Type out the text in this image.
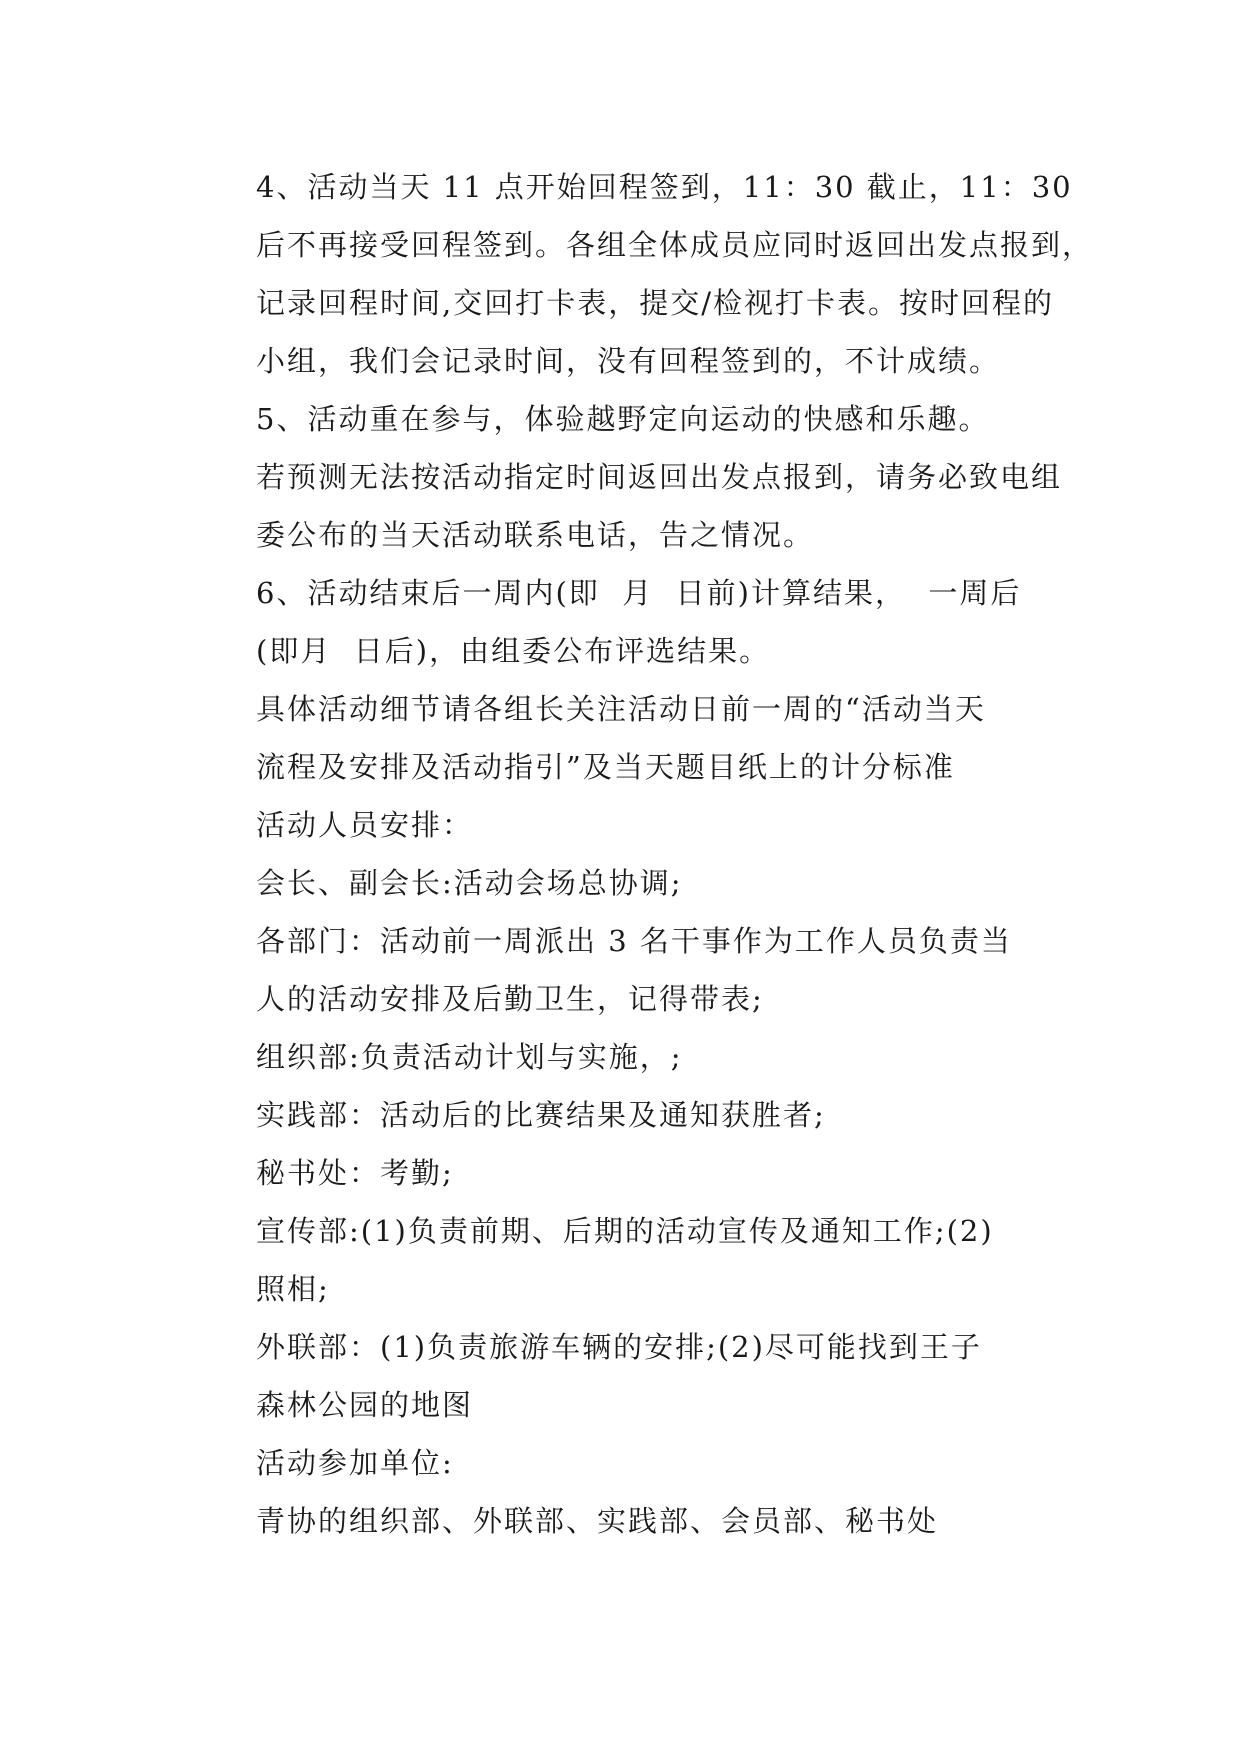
4、活动当天 11 点开始回程签到，11：30 截止，11：30
后不再接受回程签到。各组全体成员应同时返回出发点报到，
记录回程时间,交回打卡表，提交/检视打卡表。按时回程的
小组，我们会记录时间，没有回程签到的，不计成绩。

5、活动重在参与，体验越野定向运动的快感和乐趣。
若预测无法按活动指定时间返回出发点报到，请务必致电组
委公布的当天活动联系电话，告之情况。

6、活动结束后一周内(即  月  日前)计算结果，  一周后
(即月  日后)，由组委公布评选结果。

具体活动细节请各组长关注活动日前一周的“活动当天
流程及安排及活动指引”及当天题目纸上的计分标准

活动人员安排：

会长、副会长:活动会场总协调;

各部门：活动前一周派出 3 名干事作为工作人员负责当
人的活动安排及后勤卫生，记得带表;

组织部:负责活动计划与实施，;

实践部：活动后的比赛结果及通知获胜者;

秘书处：考勤;

宣传部:(1)负责前期、后期的活动宣传及通知工作;(2)
照相;

外联部：(1)负责旅游车辆的安排;(2)尽可能找到王子
森林公园的地图

活动参加单位:

青协的组织部、外联部、实践部、会员部、秘书处
